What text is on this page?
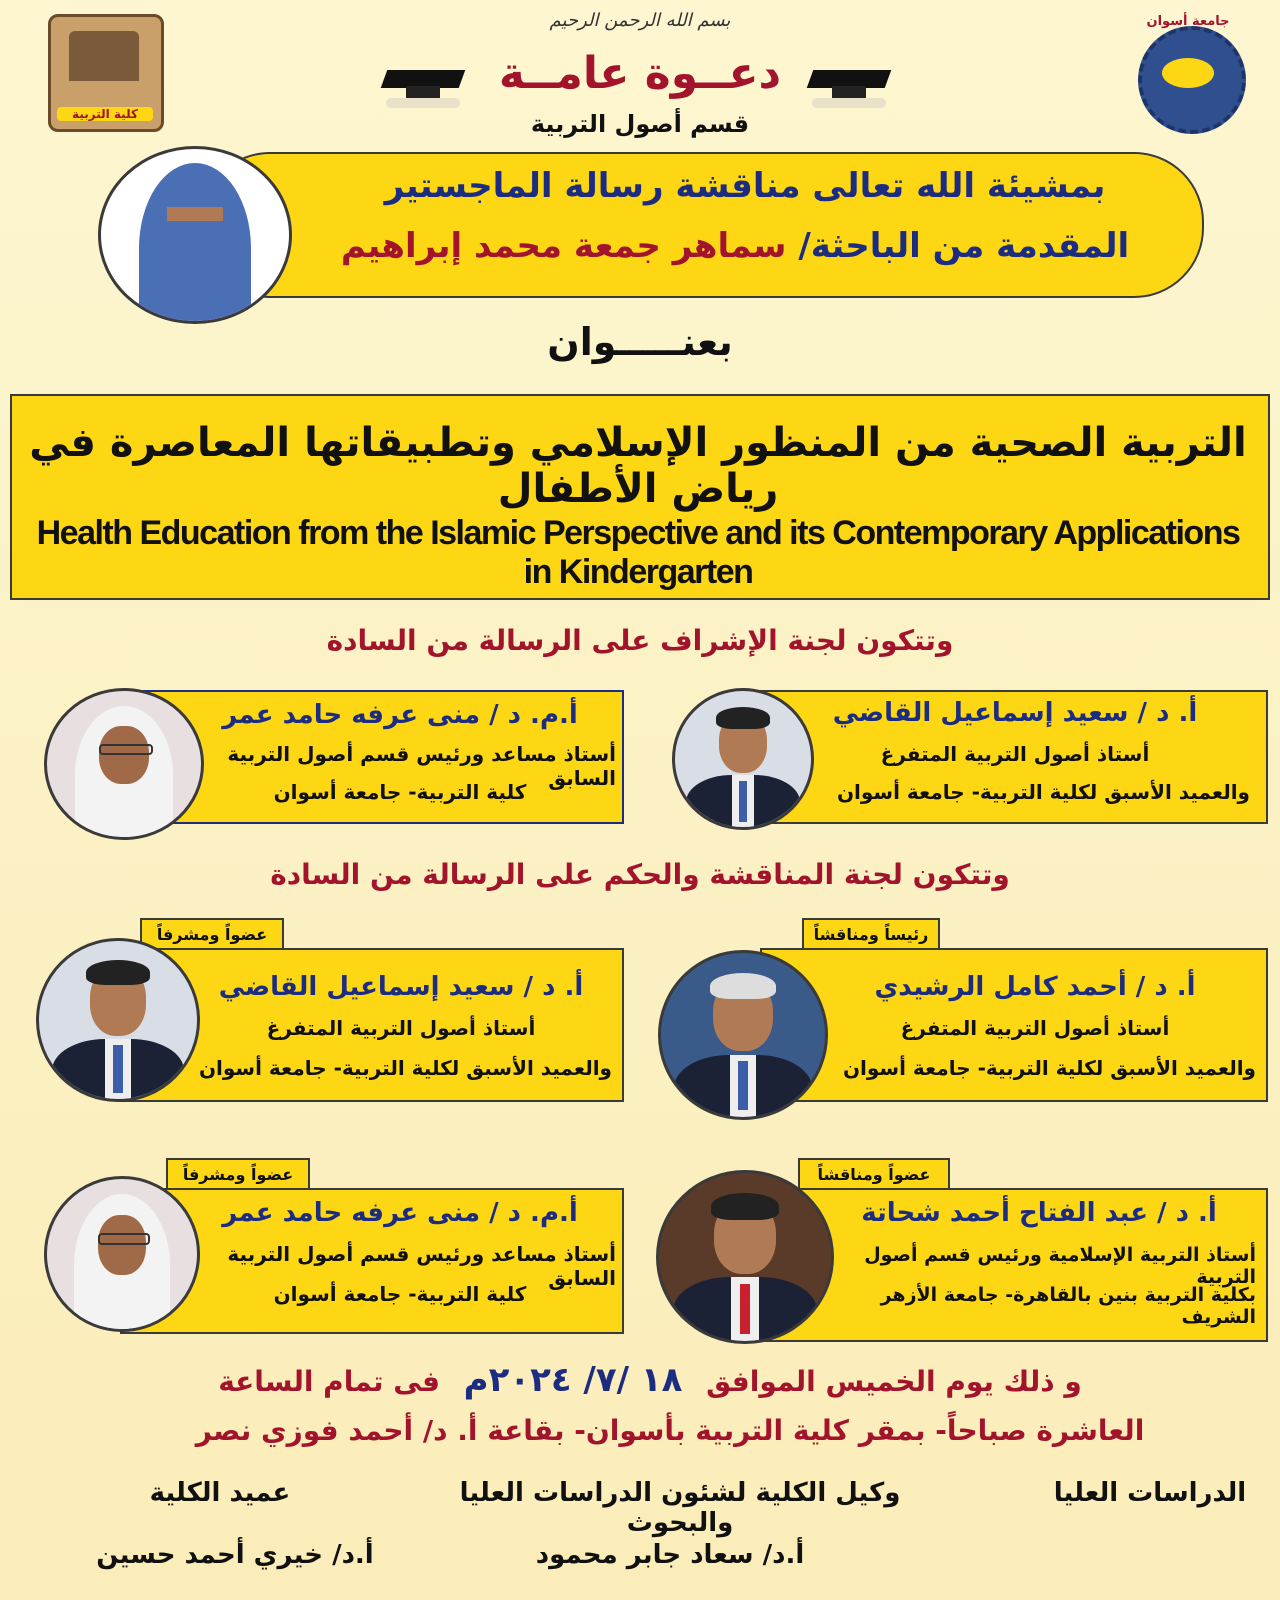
كلية التربية
جامعة أسوان
بسم الله الرحمن الرحيم
دعــوة عامــة
قسم أصول التربية
بمشيئة الله تعالى مناقشة رسالة الماجستير
المقدمة من الباحثة/ سماهر جمعة محمد إبراهيم
بعنـــــوان
التربية الصحية من المنظور الإسلامي وتطبيقاتها المعاصرة في رياض الأطفال
Health Education from the Islamic Perspective and its Contemporary Applications in Kindergarten
وتتكون لجنة الإشراف على الرسالة من السادة
أ. د / سعيد إسماعيل القاضي
أستاذ أصول التربية المتفرغ
والعميد الأسبق لكلية التربية- جامعة أسوان
أ.م. د / منى عرفه حامد عمر
أستاذ مساعد ورئيس قسم أصول التربية السابق
كلية التربية- جامعة أسوان
وتتكون لجنة المناقشة والحكم على الرسالة من السادة
رئيساً ومناقشاً
أ. د / أحمد كامل الرشيدي
أستاذ أصول التربية المتفرغ
والعميد الأسبق لكلية التربية- جامعة أسوان
عضواً ومشرفاً
أ. د / سعيد إسماعيل القاضي
أستاذ أصول التربية المتفرغ
والعميد الأسبق لكلية التربية- جامعة أسوان
عضواً ومناقشاً
أ. د / عبد الفتاح أحمد شحاتة
أستاذ التربية الإسلامية ورئيس قسم أصول التربية
بكلية التربية بنين بالقاهرة- جامعة الأزهر الشريف
عضواً ومشرفاً
أ.م. د / منى عرفه حامد عمر
أستاذ مساعد ورئيس قسم أصول التربية السابق
كلية التربية- جامعة أسوان
و ذلك يوم الخميس الموافق ١٨ /٧/ ٢٠٢٤م فى تمام الساعة
العاشرة صباحاً- بمقر كلية التربية بأسوان- بقاعة أ. د/ أحمد فوزي نصر
الدراسات العليا
وكيل الكلية لشئون الدراسات العليا والبحوث
عميد الكلية
أ.د/ سعاد جابر محمود
أ.د/ خيري أحمد حسين
